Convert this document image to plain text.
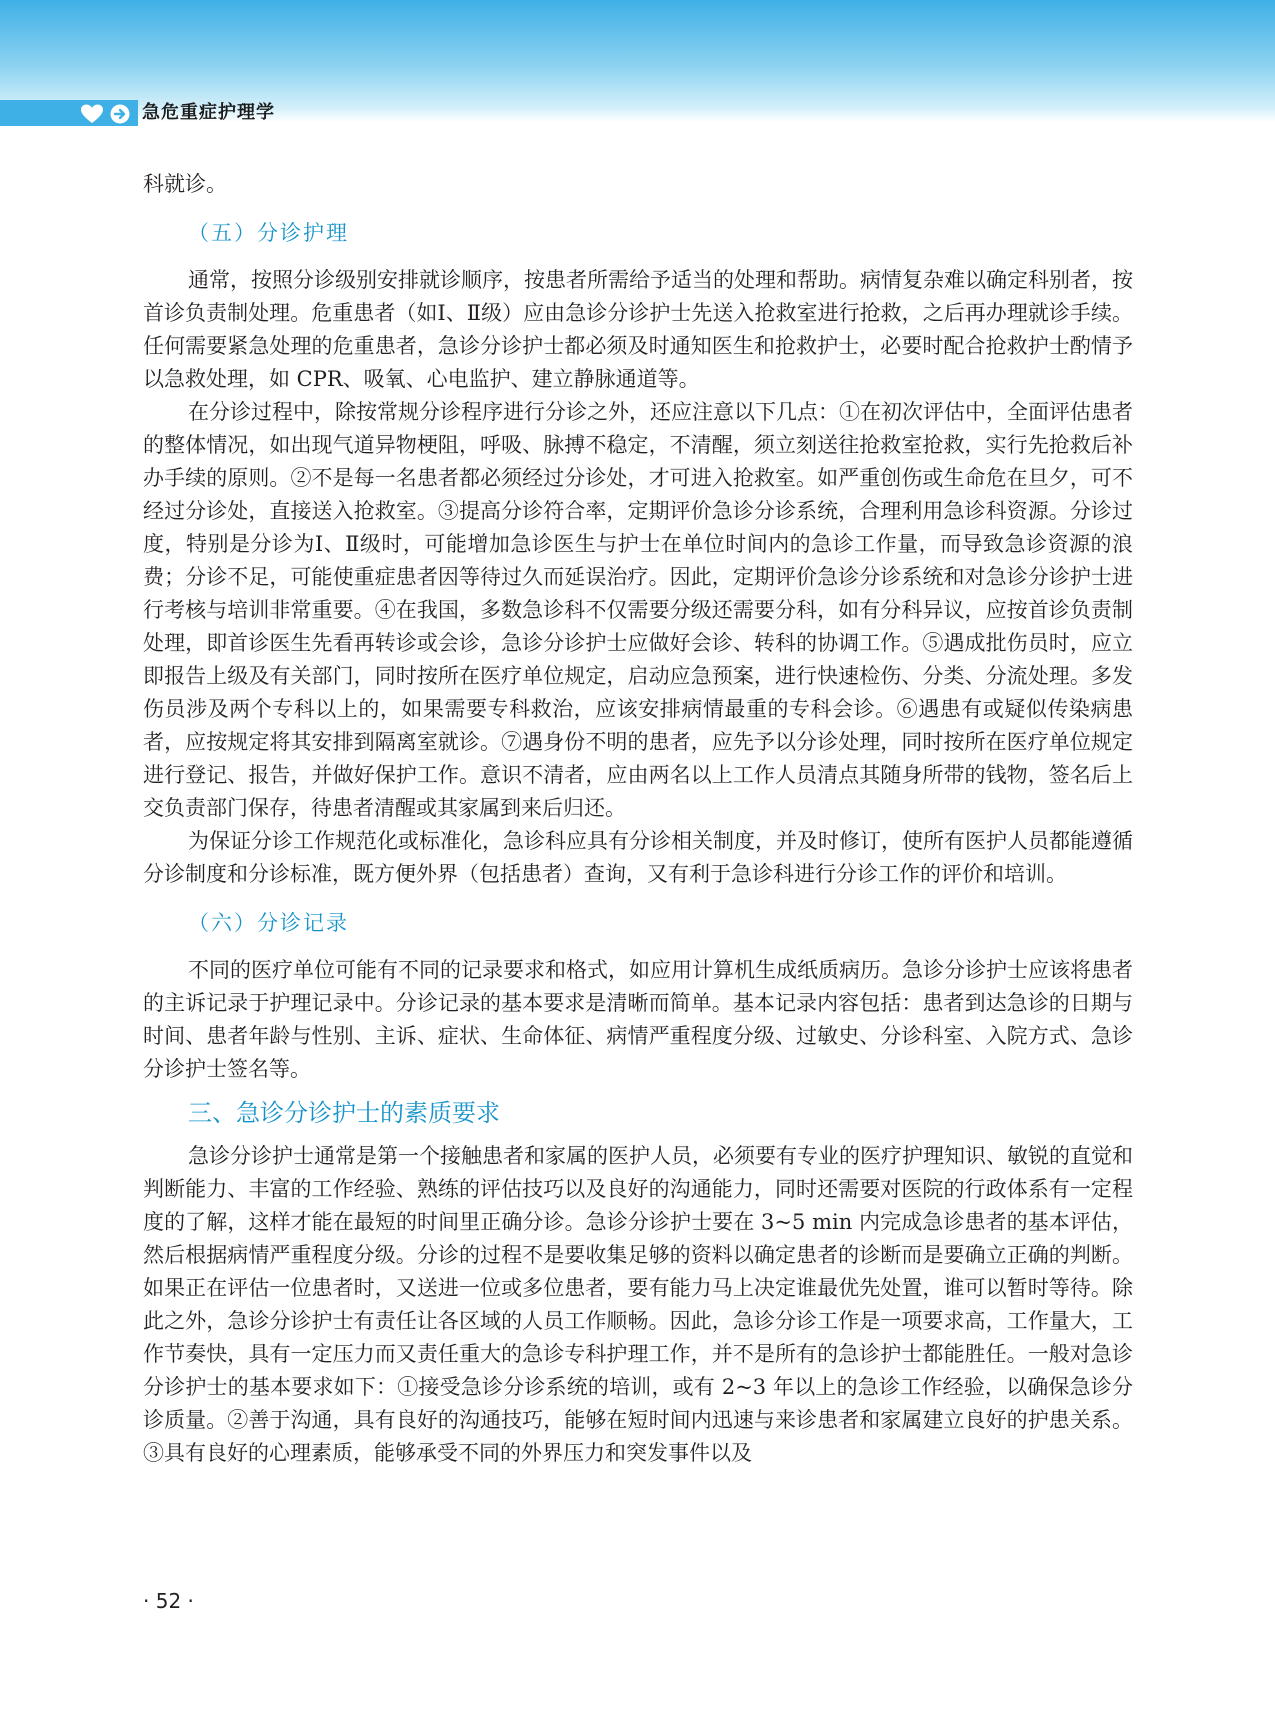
急危重症护理学

科就诊。

（五）分诊护理

通常，按照分诊级别安排就诊顺序，按患者所需给予适当的处理和帮助。病情复杂难以确定科别者，按首诊负责制处理。危重患者（如Ⅰ、Ⅱ级）应由急诊分诊护士先送入抢救室进行抢救，之后再办理就诊手续。任何需要紧急处理的危重患者，急诊分诊护士都必须及时通知医生和抢救护士，必要时配合抢救护士酌情予以急救处理，如 CPR、吸氧、心电监护、建立静脉通道等。

在分诊过程中，除按常规分诊程序进行分诊之外，还应注意以下几点：①在初次评估中，全面评估患者的整体情况，如出现气道异物梗阻，呼吸、脉搏不稳定，不清醒，须立刻送往抢救室抢救，实行先抢救后补办手续的原则。②不是每一名患者都必须经过分诊处，才可进入抢救室。如严重创伤或生命危在旦夕，可不经过分诊处，直接送入抢救室。③提高分诊符合率，定期评价急诊分诊系统，合理利用急诊科资源。分诊过度，特别是分诊为Ⅰ、Ⅱ级时，可能增加急诊医生与护士在单位时间内的急诊工作量，而导致急诊资源的浪费；分诊不足，可能使重症患者因等待过久而延误治疗。因此，定期评价急诊分诊系统和对急诊分诊护士进行考核与培训非常重要。④在我国，多数急诊科不仅需要分级还需要分科，如有分科异议，应按首诊负责制处理，即首诊医生先看再转诊或会诊，急诊分诊护士应做好会诊、转科的协调工作。⑤遇成批伤员时，应立即报告上级及有关部门，同时按所在医疗单位规定，启动应急预案，进行快速检伤、分类、分流处理。多发伤员涉及两个专科以上的，如果需要专科救治，应该安排病情最重的专科会诊。⑥遇患有或疑似传染病患者，应按规定将其安排到隔离室就诊。⑦遇身份不明的患者，应先予以分诊处理，同时按所在医疗单位规定进行登记、报告，并做好保护工作。意识不清者，应由两名以上工作人员清点其随身所带的钱物，签名后上交负责部门保存，待患者清醒或其家属到来后归还。

为保证分诊工作规范化或标准化，急诊科应具有分诊相关制度，并及时修订，使所有医护人员都能遵循分诊制度和分诊标准，既方便外界（包括患者）查询，又有利于急诊科进行分诊工作的评价和培训。

（六）分诊记录

不同的医疗单位可能有不同的记录要求和格式，如应用计算机生成纸质病历。急诊分诊护士应该将患者的主诉记录于护理记录中。分诊记录的基本要求是清晰而简单。基本记录内容包括：患者到达急诊的日期与时间、患者年龄与性别、主诉、症状、生命体征、病情严重程度分级、过敏史、分诊科室、入院方式、急诊分诊护士签名等。

三、急诊分诊护士的素质要求

急诊分诊护士通常是第一个接触患者和家属的医护人员，必须要有专业的医疗护理知识、敏锐的直觉和判断能力、丰富的工作经验、熟练的评估技巧以及良好的沟通能力，同时还需要对医院的行政体系有一定程度的了解，这样才能在最短的时间里正确分诊。急诊分诊护士要在 3~5 min 内完成急诊患者的基本评估，然后根据病情严重程度分级。分诊的过程不是要收集足够的资料以确定患者的诊断而是要确立正确的判断。如果正在评估一位患者时，又送进一位或多位患者，要有能力马上决定谁最优先处置，谁可以暂时等待。除此之外，急诊分诊护士有责任让各区域的人员工作顺畅。因此，急诊分诊工作是一项要求高，工作量大，工作节奏快，具有一定压力而又责任重大的急诊专科护理工作，并不是所有的急诊护士都能胜任。一般对急诊分诊护士的基本要求如下：①接受急诊分诊系统的培训，或有 2~3 年以上的急诊工作经验，以确保急诊分诊质量。②善于沟通，具有良好的沟通技巧，能够在短时间内迅速与来诊患者和家属建立良好的护患关系。③具有良好的心理素质，能够承受不同的外界压力和突发事件以及

· 52 ·
